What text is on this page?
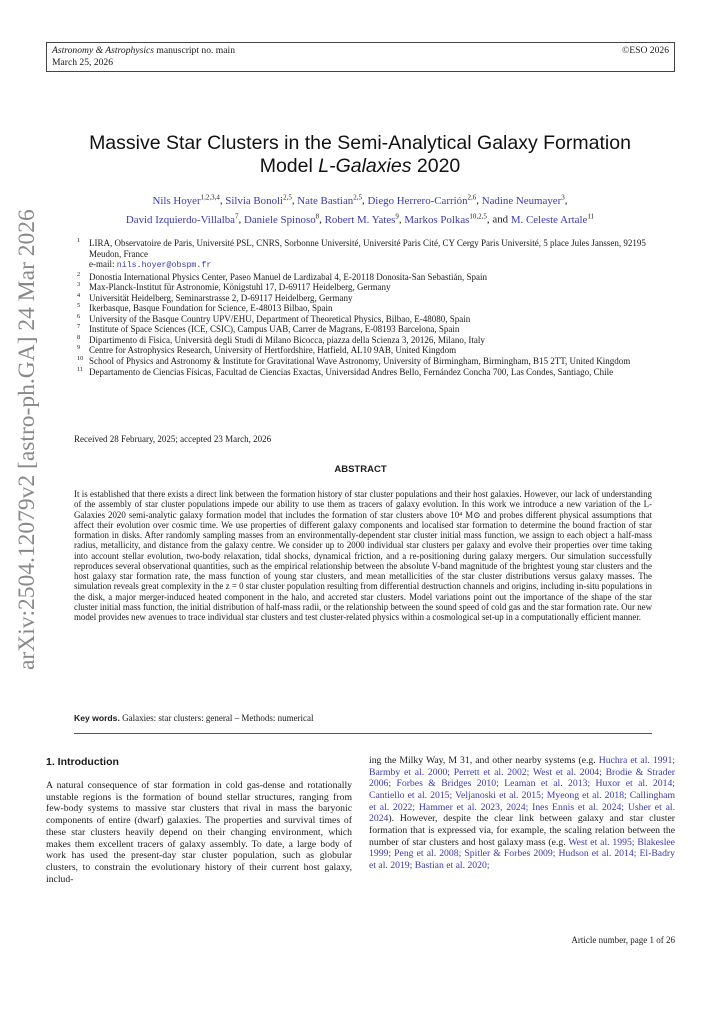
Astronomy & Astrophysics manuscript no. main
March 25, 2026
©ESO 2026
arXiv:2504.12079v2 [astro-ph.GA] 24 Mar 2026
Massive Star Clusters in the Semi-Analytical Galaxy Formation
Model L-Galaxies 2020
Nils Hoyer$^{1,2,3,4}$, Silvia Bonoli$^{2,5}$, Nate Bastian$^{2,5}$, Diego Herrero-Carrión$^{2,6}$, Nadine Neumayer$^3$,
David Izquierdo-Villalba$^7$, Daniele Spinoso$^8$, Robert M. Yates$^9$, Markos Polkas$^{10,2,5}$, and M. Celeste Artale$^{11}$
1 LIRA, Observatoire de Paris, Université PSL, CNRS, Sorbonne Université, Université Paris Cité, CY Cergy Paris Université, 5 place Jules Janssen, 92195 Meudon, France
e-mail: nils.hoyer@obspm.fr
2 Donostia International Physics Center, Paseo Manuel de Lardizabal 4, E-20118 Donosita-San Sebastián, Spain
3 Max-Planck-Institut für Astronomie, Königstuhl 17, D-69117 Heidelberg, Germany
4 Universität Heidelberg, Seminarstrasse 2, D-69117 Heidelberg, Germany
5 Ikerbasque, Basque Foundation for Science, E-48013 Bilbao, Spain
6 University of the Basque Country UPV/EHU, Department of Theoretical Physics, Bilbao, E-48080, Spain
7 Institute of Space Sciences (ICE, CSIC), Campus UAB, Carrer de Magrans, E-08193 Barcelona, Spain
8 Dipartimento di Fisica, Università degli Studi di Milano Bicocca, piazza della Scienza 3, 20126, Milano, Italy
9 Centre for Astrophysics Research, University of Hertfordshire, Hatfield, AL10 9AB, United Kingdom
10 School of Physics and Astronomy & Institute for Gravitational Wave Astronomy, University of Birmingham, Birmingham, B15 2TT, United Kingdom
11 Departamento de Ciencias Físicas, Facultad de Ciencias Exactas, Universidad Andres Bello, Fernández Concha 700, Las Condes, Santiago, Chile
Received 28 February, 2025; accepted 23 March, 2026
ABSTRACT
It is established that there exists a direct link between the formation history of star cluster populations and their host galaxies. However, our lack of understanding of the assembly of star cluster populations impede our ability to use them as tracers of galaxy evolution. In this work we introduce a new variation of the L-Galaxies 2020 semi-analytic galaxy formation model that includes the formation of star clusters above 10⁴ M⊙ and probes different physical assumptions that affect their evolution over cosmic time. We use properties of different galaxy components and localised star formation to determine the bound fraction of star formation in disks. After randomly sampling masses from an environmentally-dependent star cluster initial mass function, we assign to each object a half-mass radius, metallicity, and distance from the galaxy centre. We consider up to 2000 individual star clusters per galaxy and evolve their properties over time taking into account stellar evolution, two-body relaxation, tidal shocks, dynamical friction, and a re-positioning during galaxy mergers. Our simulation successfully reproduces several observational quantities, such as the empirical relationship between the absolute V-band magnitude of the brightest young star clusters and the host galaxy star formation rate, the mass function of young star clusters, and mean metallicities of the star cluster distributions versus galaxy masses. The simulation reveals great complexity in the z = 0 star cluster population resulting from differential destruction channels and origins, including in-situ populations in the disk, a major merger-induced heated component in the halo, and accreted star clusters. Model variations point out the importance of the shape of the star cluster initial mass function, the initial distribution of half-mass radii, or the relationship between the sound speed of cold gas and the star formation rate. Our new model provides new avenues to trace individual star clusters and test cluster-related physics within a cosmological set-up in a computationally efficient manner.
Key words. Galaxies: star clusters: general – Methods: numerical
1. Introduction
A natural consequence of star formation in cold gas-dense and rotationally unstable regions is the formation of bound stellar structures, ranging from few-body systems to massive star clusters that rival in mass the baryonic components of entire (dwarf) galaxies. The properties and survival times of these star clusters heavily depend on their changing environment, which makes them excellent tracers of galaxy assembly. To date, a large body of work has used the present-day star cluster population, such as globular clusters, to constrain the evolutionary history of their current host galaxy, includ-
ing the Milky Way, M 31, and other nearby systems (e.g. Huchra et al. 1991; Barmby et al. 2000; Perrett et al. 2002; West et al. 2004; Brodie & Strader 2006; Forbes & Bridges 2010; Leaman et al. 2013; Huxor et al. 2014; Cantiello et al. 2015; Veljanoski et al. 2015; Myeong et al. 2018; Callingham et al. 2022; Hammer et al. 2023, 2024; Ines Ennis et al. 2024; Usher et al. 2024). However, despite the clear link between galaxy and star cluster formation that is expressed via, for example, the scaling relation between the number of star clusters and host galaxy mass (e.g. West et al. 1995; Blakeslee 1999; Peng et al. 2008; Spitler & Forbes 2009; Hudson et al. 2014; El-Badry et al. 2019; Bastian et al. 2020;
Article number, page 1 of 26
